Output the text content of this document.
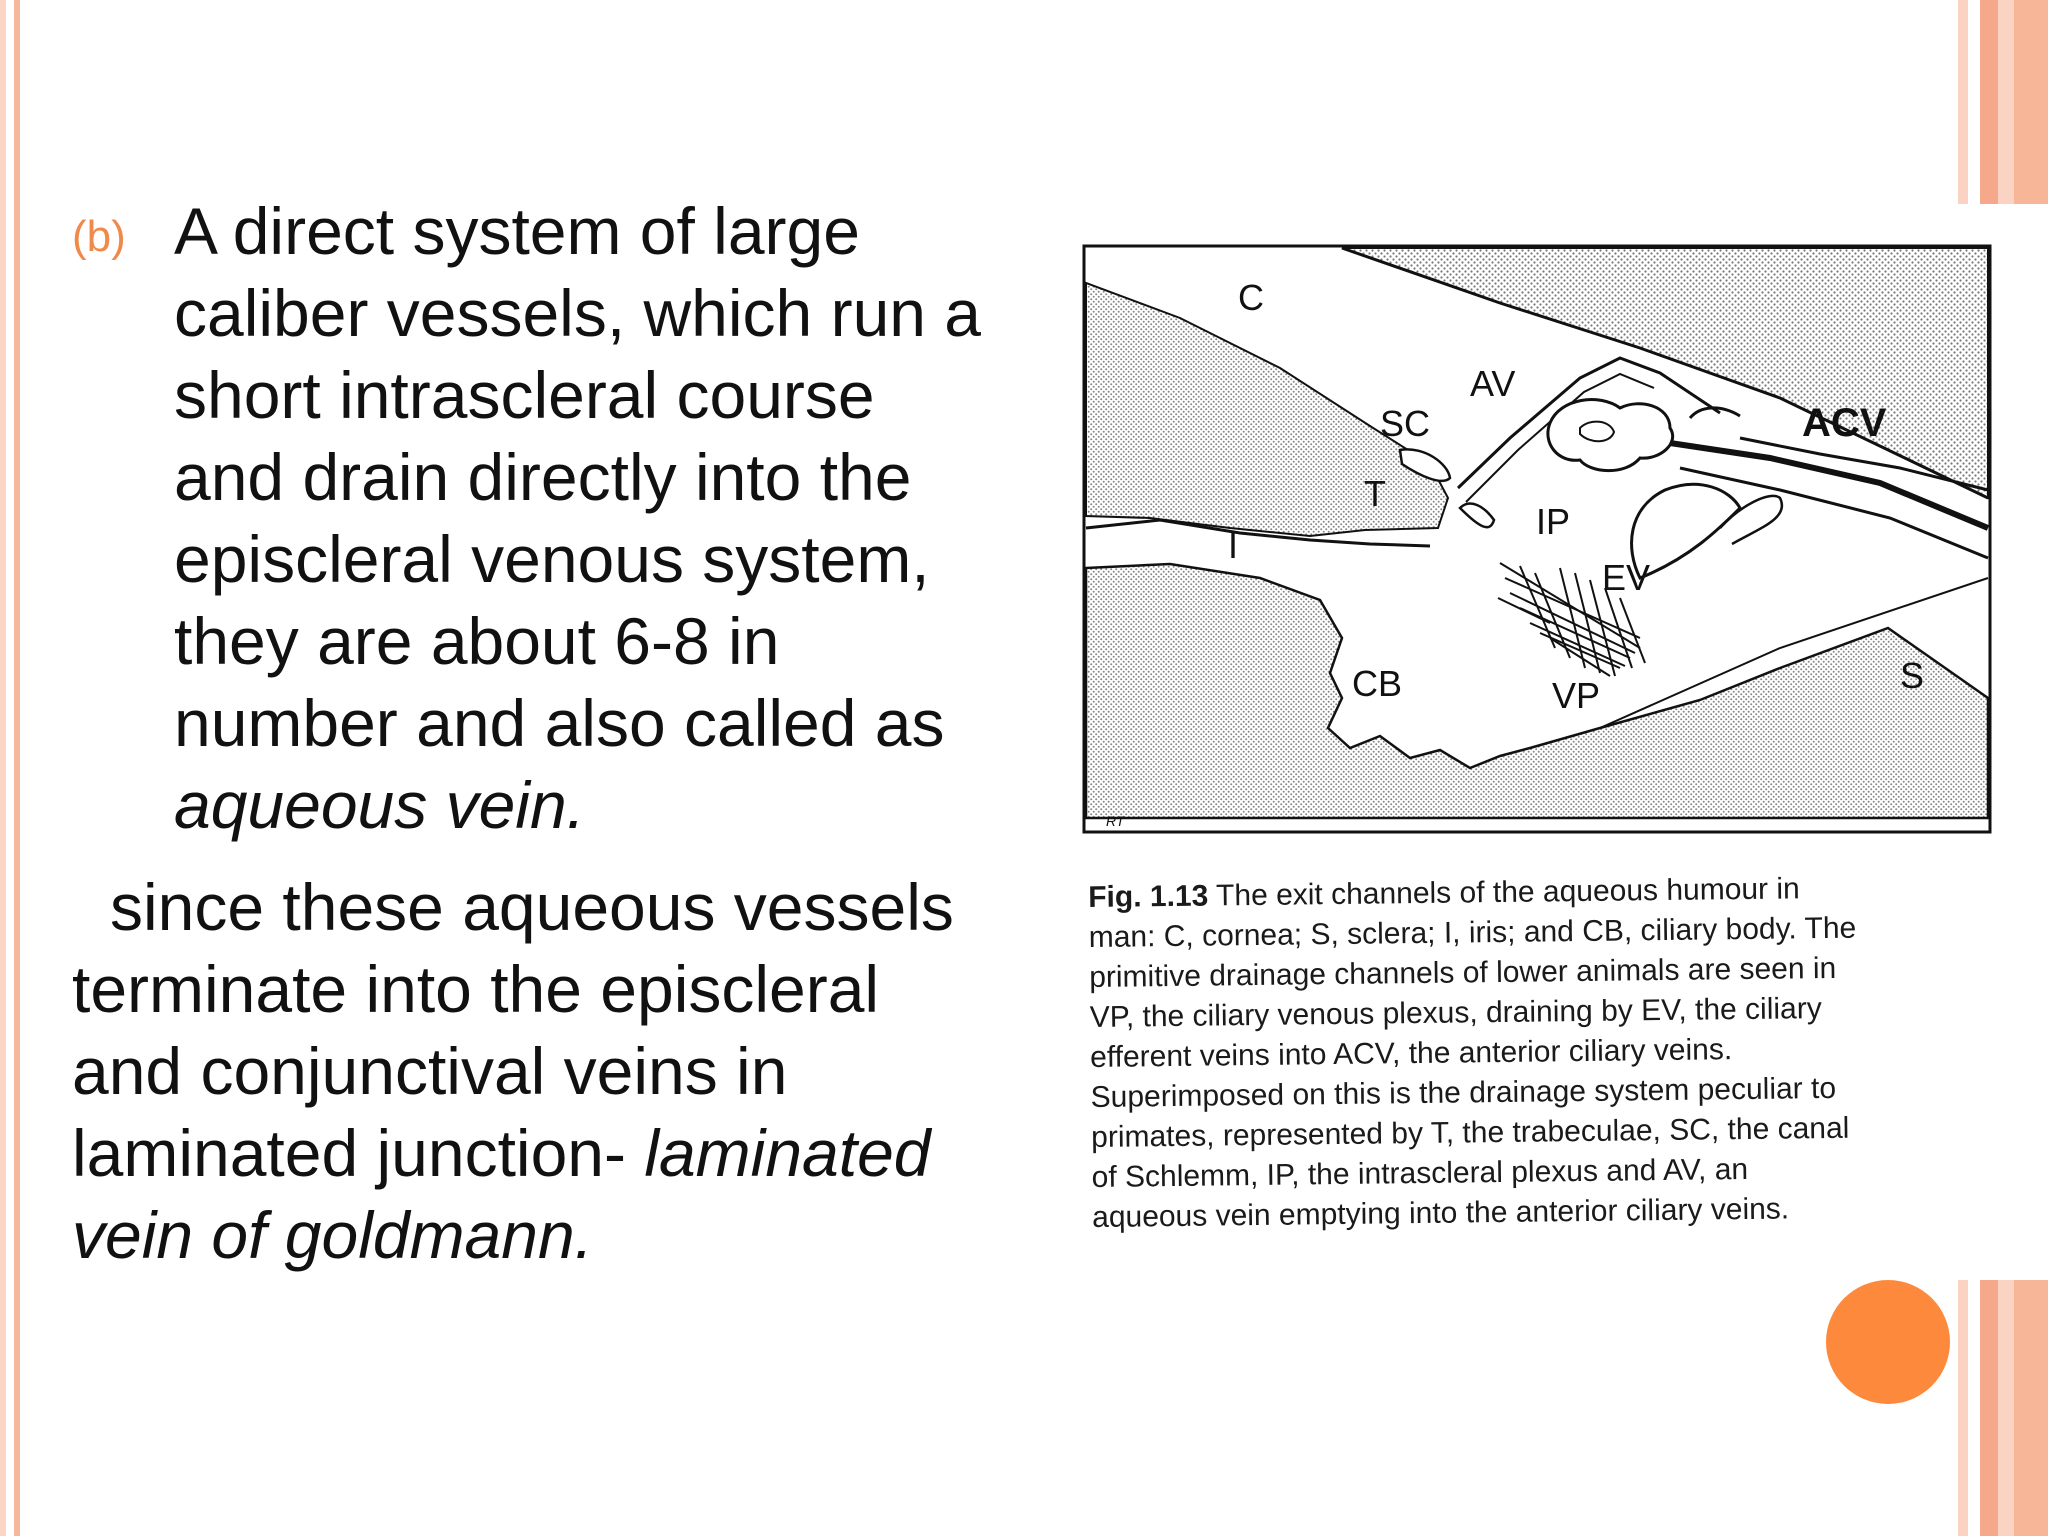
(b) A direct system of large
caliber vessels, which run a
short intrascleral course
and drain directly into the
episcleral venous system,
they are about 6-8 in
number and also called as
aqueous vein.
since these aqueous vessels
terminate into the episcleral
and conjunctival veins in
laminated junction- laminated
vein of goldmann.
C
SC
AV
ACV
T
I
IP
EV
CB	VP	S
RT
Fig. 1.13 The exit channels of the aqueous humour in
man: C, cornea; S, sclera; I, iris; and CB, ciliary body. The
primitive drainage channels of lower animals are seen in
VP, the ciliary venous plexus, draining by EV, the ciliary
efferent veins into ACV, the anterior ciliary veins.
Superimposed on this is the drainage system peculiar to
primates, represented by T, the trabeculae, SC, the canal
of Schlemm, IP, the intrascleral plexus and AV, an
aqueous vein emptying into the anterior ciliary veins.
